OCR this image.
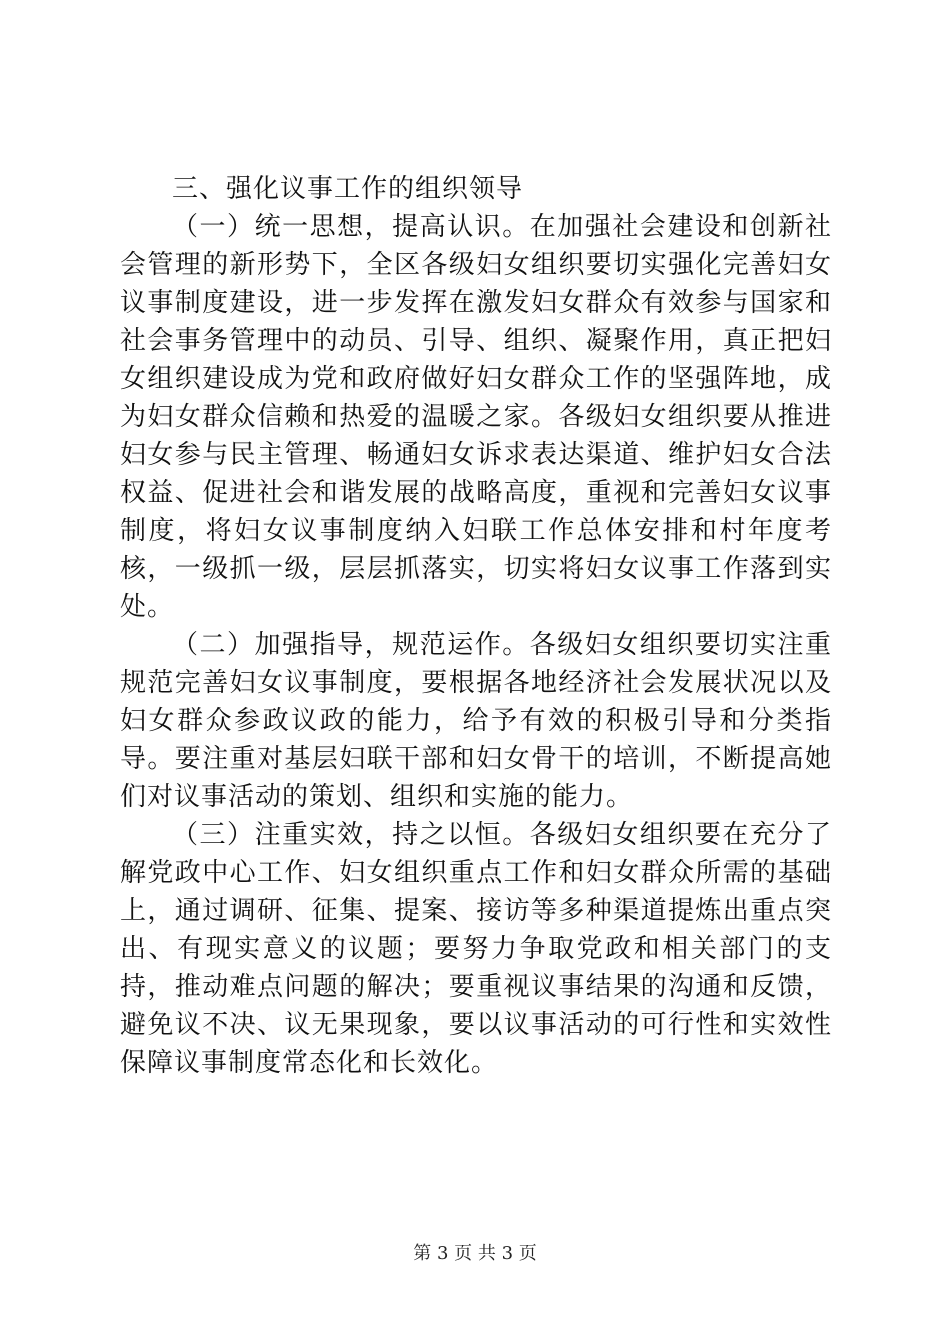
三、强化议事工作的组织领导

（一）统一思想，提高认识。在加强社会建设和创新社会管理的新形势下，全区各级妇女组织要切实强化完善妇女议事制度建设，进一步发挥在激发妇女群众有效参与国家和社会事务管理中的动员、引导、组织、凝聚作用，真正把妇女组织建设成为党和政府做好妇女群众工作的坚强阵地，成为妇女群众信赖和热爱的温暖之家。各级妇女组织要从推进妇女参与民主管理、畅通妇女诉求表达渠道、维护妇女合法权益、促进社会和谐发展的战略高度，重视和完善妇女议事制度，将妇女议事制度纳入妇联工作总体安排和村年度考核，一级抓一级，层层抓落实，切实将妇女议事工作落到实处。

（二）加强指导，规范运作。各级妇女组织要切实注重规范完善妇女议事制度，要根据各地经济社会发展状况以及妇女群众参政议政的能力，给予有效的积极引导和分类指导。要注重对基层妇联干部和妇女骨干的培训，不断提高她们对议事活动的策划、组织和实施的能力。

（三）注重实效，持之以恒。各级妇女组织要在充分了解党政中心工作、妇女组织重点工作和妇女群众所需的基础上，通过调研、征集、提案、接访等多种渠道提炼出重点突出、有现实意义的议题；要努力争取党政和相关部门的支持，推动难点问题的解决；要重视议事结果的沟通和反馈，避免议不决、议无果现象，要以议事活动的可行性和实效性保障议事制度常态化和长效化。

第 3 页 共 3 页
